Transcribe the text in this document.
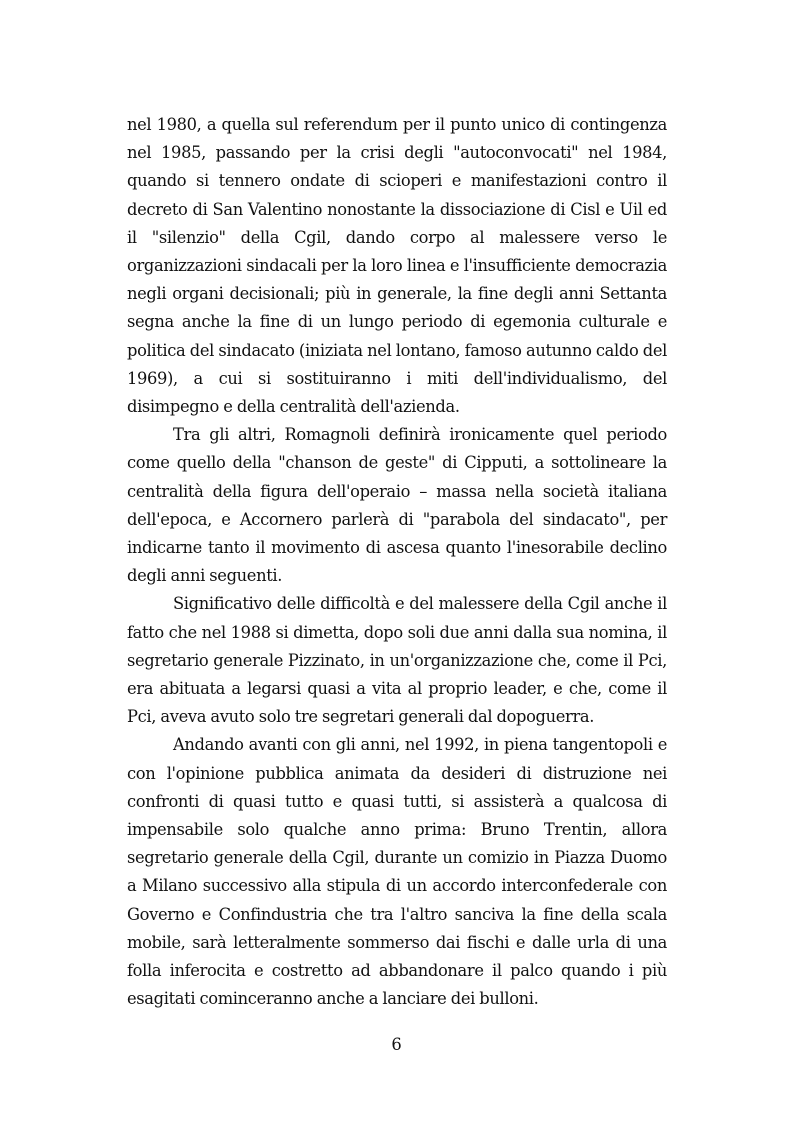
nel 1980, a quella sul referendum per il punto unico di contingenza nel 1985, passando per la crisi degli "autoconvocati" nel 1984, quando si tennero ondate di scioperi e manifestazioni contro il decreto di San Valentino nonostante la dissociazione di Cisl e Uil ed il "silenzio" della Cgil, dando corpo al malessere verso le organizzazioni sindacali per la loro linea e l'insufficiente democrazia negli organi decisionali; più in generale, la fine degli anni Settanta segna anche la fine di un lungo periodo di egemonia culturale e politica del sindacato (iniziata nel lontano, famoso autunno caldo del 1969), a cui si sostituiranno i miti dell'individualismo, del disimpegno e della centralità dell'azienda.

Tra gli altri, Romagnoli definirà ironicamente quel periodo come quello della "chanson de geste" di Cipputi, a sottolineare la centralità della figura dell'operaio – massa nella società italiana dell'epoca, e Accornero parlerà di "parabola del sindacato", per indicarne tanto il movimento di ascesa quanto l'inesorabile declino degli anni seguenti.

Significativo delle difficoltà e del malessere della Cgil anche il fatto che nel 1988 si dimetta, dopo soli due anni dalla sua nomina, il segretario generale Pizzinato, in un'organizzazione che, come il Pci, era abituata a legarsi quasi a vita al proprio leader, e che, come il Pci, aveva avuto solo tre segretari generali dal dopoguerra.

Andando avanti con gli anni, nel 1992, in piena tangentopoli e con l'opinione pubblica animata da desideri di distruzione nei confronti di quasi tutto e quasi tutti, si assisterà a qualcosa di impensabile solo qualche anno prima: Bruno Trentin, allora segretario generale della Cgil, durante un comizio in Piazza Duomo a Milano successivo alla stipula di un accordo interconfederale con Governo e Confindustria che tra l'altro sanciva la fine della scala mobile, sarà letteralmente sommerso dai fischi e dalle urla di una folla inferocita e costretto ad abbandonare il palco quando i più esagitati cominceranno anche a lanciare dei bulloni.

6
